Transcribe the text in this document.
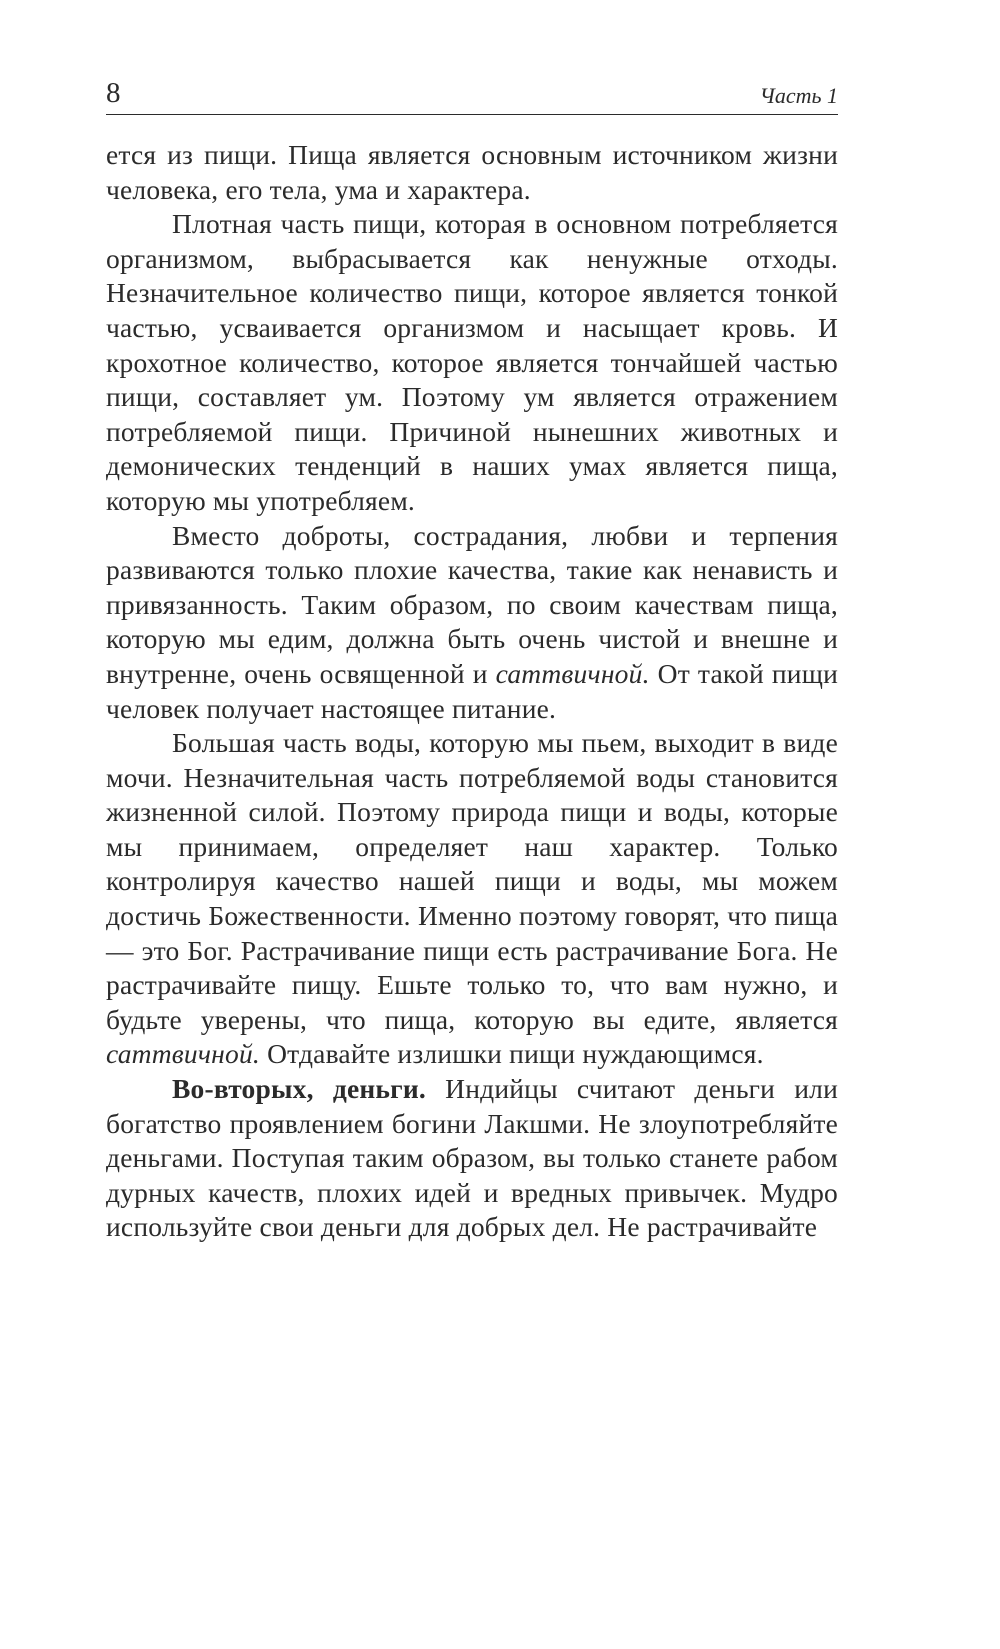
8	Часть 1

ется из пищи. Пища является основным источником жизни человека, его тела, ума и характера.

Плотная часть пищи, которая в основном потребляется организмом, выбрасывается как ненужные отходы. Незначительное количество пищи, которое является тонкой частью, усваивается организмом и насыщает кровь. И крохотное количество, которое является тончайшей частью пищи, составляет ум. Поэтому ум является отражением потребляемой пищи. Причиной нынешних животных и демонических тенденций в наших умах является пища, которую мы употребляем.

Вместо доброты, сострадания, любви и терпения развиваются только плохие качества, такие как ненависть и привязанность. Таким образом, по своим качествам пища, которую мы едим, должна быть очень чистой и внешне и внутренне, очень освященной и саттвичной. От такой пищи человек получает настоящее питание.

Большая часть воды, которую мы пьем, выходит в виде мочи. Незначительная часть потребляемой воды становится жизненной силой. Поэтому природа пищи и воды, которые мы принимаем, определяет наш характер. Только контролируя качество нашей пищи и воды, мы можем достичь Божественности. Именно поэтому говорят, что пища — это Бог. Растрачивание пищи есть растрачивание Бога. Не растрачивайте пищу. Ешьте только то, что вам нужно, и будьте уверены, что пища, которую вы едите, является саттвичной. Отдавайте излишки пищи нуждающимся.

Во-вторых, деньги. Индийцы считают деньги или богатство проявлением богини Лакшми. Не злоупотребляйте деньгами. Поступая таким образом, вы только станете рабом дурных качеств, плохих идей и вредных привычек. Мудро используйте свои деньги для добрых дел. Не растрачивайте
